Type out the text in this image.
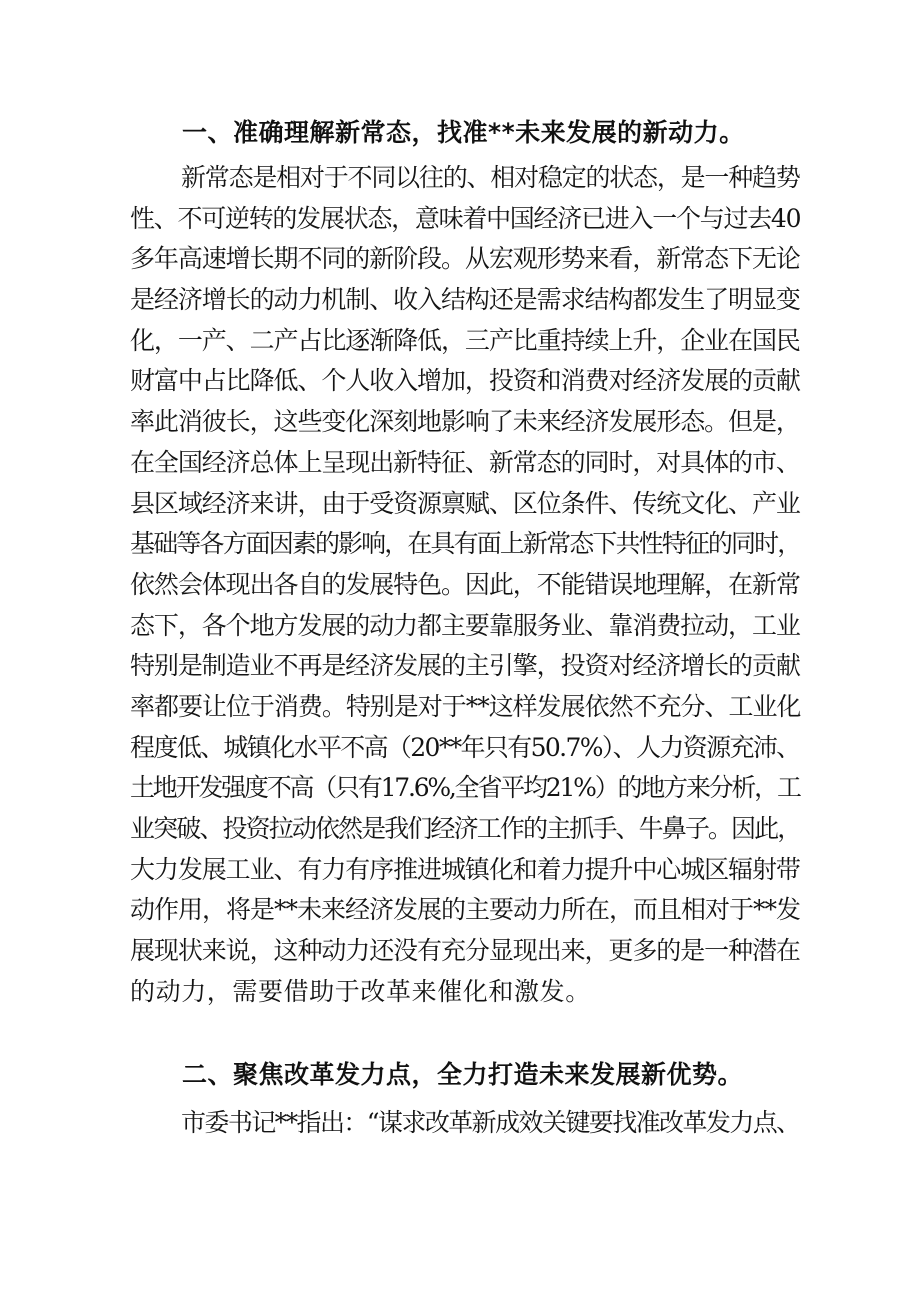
一、准确理解新常态，找准**未来发展的新动力。
新常态是相对于不同以往的、相对稳定的状态，是一种趋势
性、不可逆转的发展状态，意味着中国经济已进入一个与过去40
多年高速增长期不同的新阶段。从宏观形势来看，新常态下无论
是经济增长的动力机制、收入结构还是需求结构都发生了明显变
化，一产、二产占比逐渐降低，三产比重持续上升，企业在国民
财富中占比降低、个人收入增加，投资和消费对经济发展的贡献
率此消彼长，这些变化深刻地影响了未来经济发展形态。但是，
在全国经济总体上呈现出新特征、新常态的同时，对具体的市、
县区域经济来讲，由于受资源禀赋、区位条件、传统文化、产业
基础等各方面因素的影响，在具有面上新常态下共性特征的同时，
依然会体现出各自的发展特色。因此，不能错误地理解，在新常
态下，各个地方发展的动力都主要靠服务业、靠消费拉动，工业
特别是制造业不再是经济发展的主引擎，投资对经济增长的贡献
率都要让位于消费。特别是对于**这样发展依然不充分、工业化
程度低、城镇化水平不高（20**年只有50.7%）、人力资源充沛、
土地开发强度不高（只有17.6%,全省平均21%）的地方来分析，工
业突破、投资拉动依然是我们经济工作的主抓手、牛鼻子。因此，
大力发展工业、有力有序推进城镇化和着力提升中心城区辐射带
动作用，将是**未来经济发展的主要动力所在，而且相对于**发
展现状来说，这种动力还没有充分显现出来，更多的是一种潜在
的动力，需要借助于改革来催化和激发。
二、聚焦改革发力点，全力打造未来发展新优势。
市委书记**指出：“谋求改革新成效关键要找准改革发力点、
